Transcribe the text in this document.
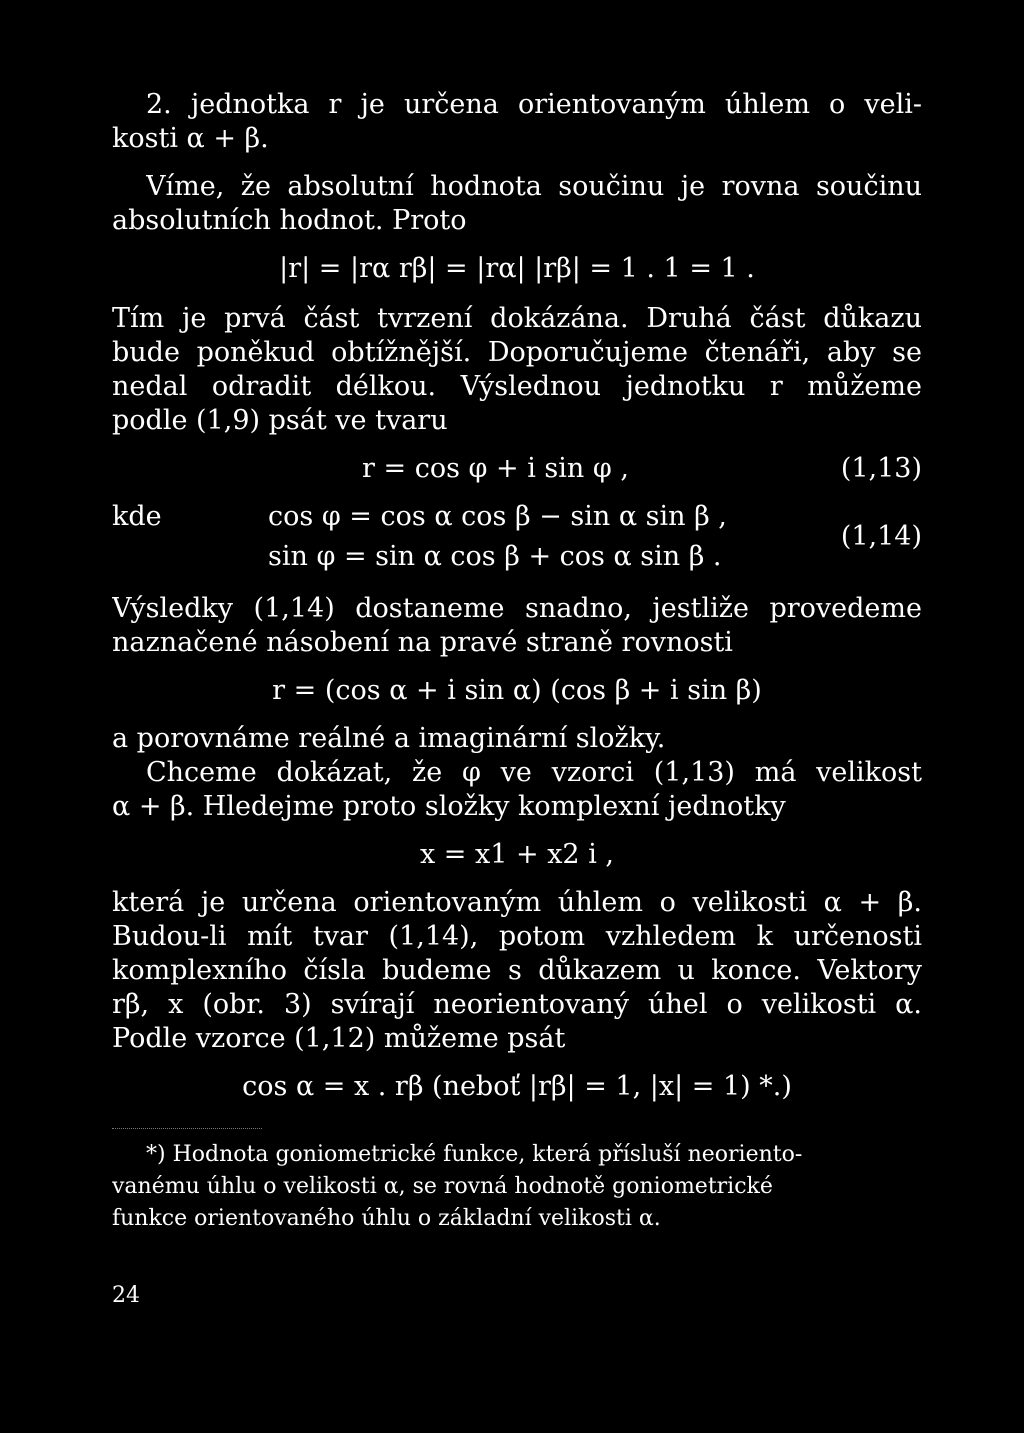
2. jednotka r je určena orientovaným úhlem o veli-
kosti α + β.
Víme, že absolutní hodnota součinu je rovna součinu
absolutních hodnot. Proto
|r| = |rα rβ| = |rα| |rβ| = 1 . 1 = 1 .
Tím je prvá část tvrzení dokázána. Druhá část důkazu
bude poněkud obtížnější. Doporučujeme čtenáři, aby se
nedal odradit délkou. Výslednou jednotku r můžeme
podle (1,9) psát ve tvaru
r = cos φ + i sin φ ,	(1,13)
kde	cos φ = cos α cos β − sin α sin β ,
sin φ = sin α cos β + cos α sin β .
(1,14)
Výsledky (1,14) dostaneme snadno, jestliže provedeme
naznačené násobení na pravé straně rovnosti
r = (cos α + i sin α) (cos β + i sin β)
a porovnáme reálné a imaginární složky.
Chceme dokázat, že φ ve vzorci (1,13) má velikost
α + β. Hledejme proto složky komplexní jednotky
x = x1 + x2 i ,
která je určena orientovaným úhlem o velikosti α + β.
Budou-li mít tvar (1,14), potom vzhledem k určenosti
komplexního čísla budeme s důkazem u konce. Vektory
rβ, x (obr. 3) svírají neorientovaný úhel o velikosti α.
Podle vzorce (1,12) můžeme psát
cos α = x . rβ (neboť |rβ| = 1, |x| = 1) *.)
*) Hodnota goniometrické funkce, která přísluší neoriento-
vanému úhlu o velikosti α, se rovná hodnotě goniometrické
funkce orientovaného úhlu o základní velikosti α.
24
